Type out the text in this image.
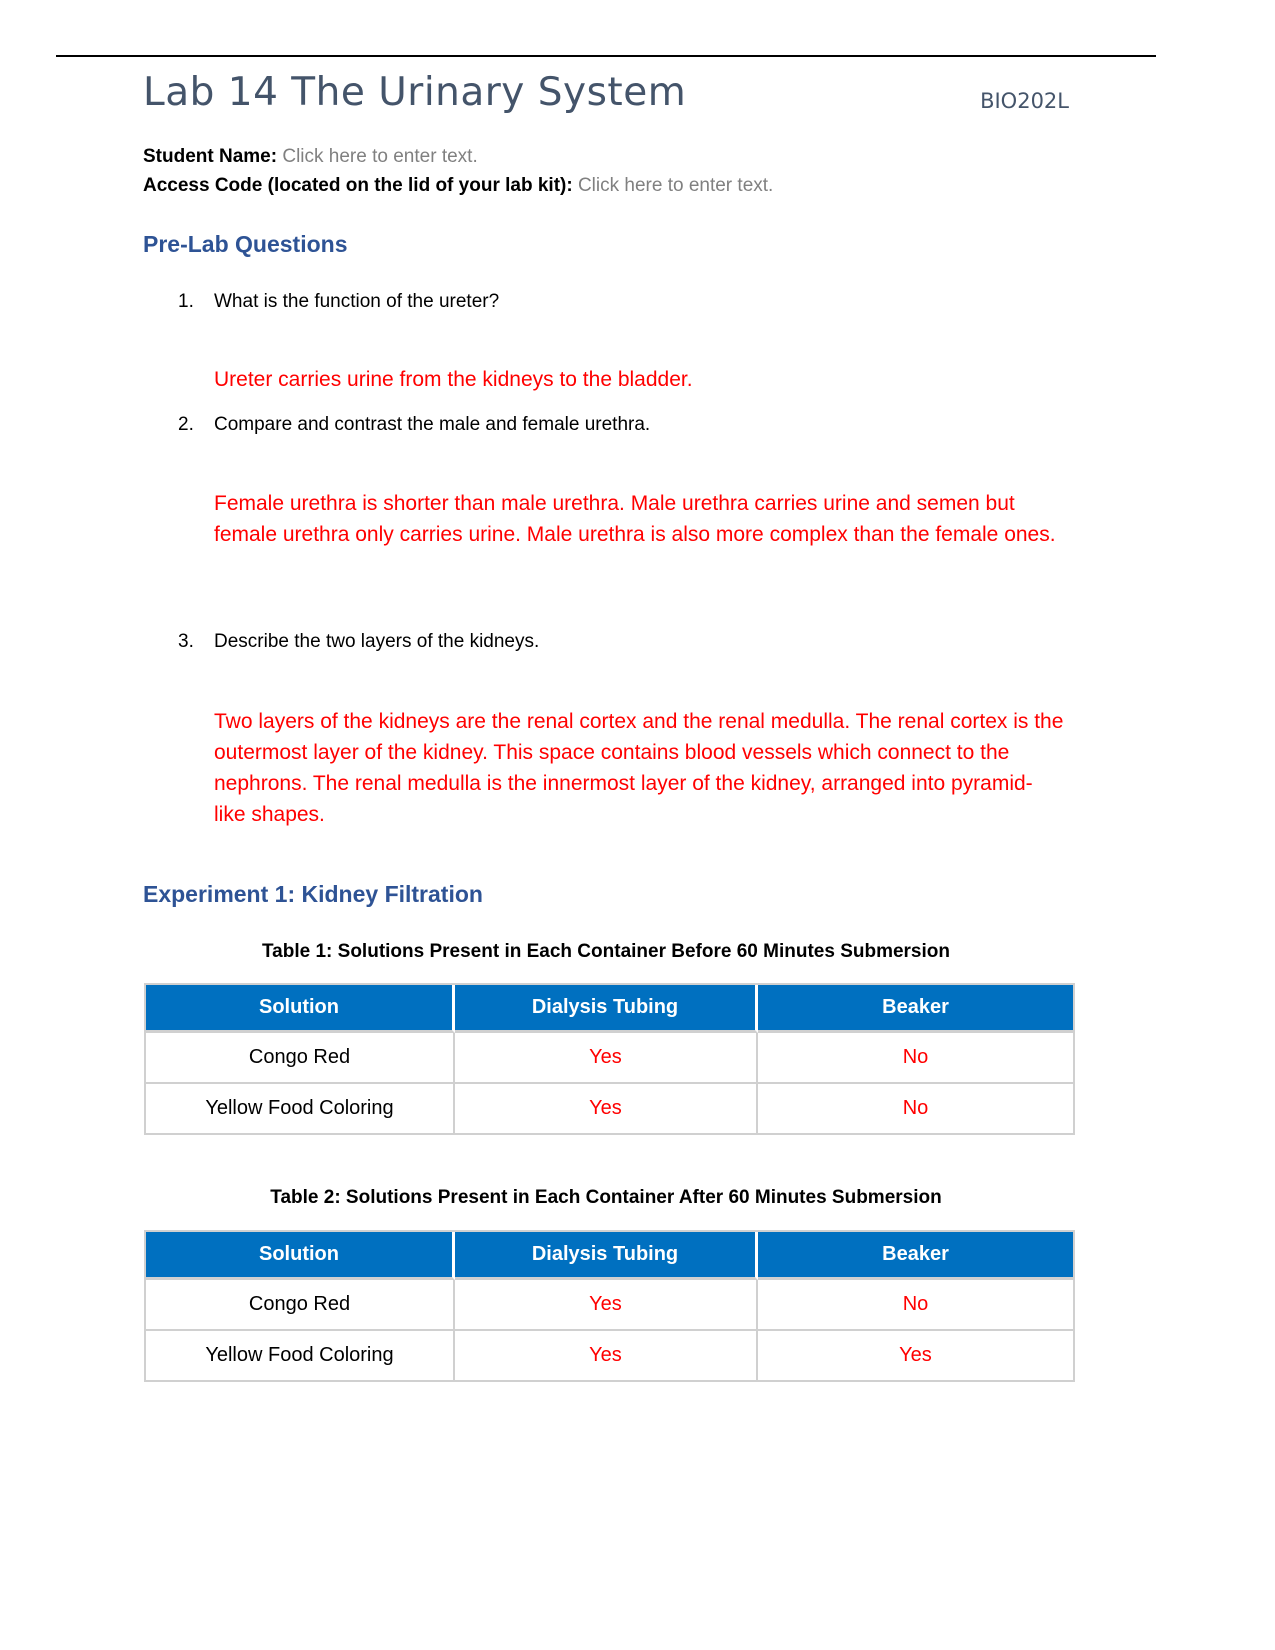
Lab 14 The Urinary System	BIO202L
Student Name: Click here to enter text.
Access Code (located on the lid of your lab kit): Click here to enter text.
Pre-Lab Questions
1. What is the function of the ureter?
Ureter carries urine from the kidneys to the bladder.
2. Compare and contrast the male and female urethra.
Female urethra is shorter than male urethra. Male urethra carries urine and semen but female urethra only carries urine. Male urethra is also more complex than the female ones.
3. Describe the two layers of the kidneys.
Two layers of the kidneys are the renal cortex and the renal medulla. The renal cortex is the outermost layer of the kidney. This space contains blood vessels which connect to the nephrons. The renal medulla is the innermost layer of the kidney, arranged into pyramid-like shapes.
Experiment 1: Kidney Filtration
Table 1: Solutions Present in Each Container Before 60 Minutes Submersion
Solution	Dialysis Tubing	Beaker
Congo Red	Yes	No
Yellow Food Coloring	Yes	No
Table 2: Solutions Present in Each Container After 60 Minutes Submersion
Solution	Dialysis Tubing	Beaker
Congo Red	Yes	No
Yellow Food Coloring	Yes	Yes
